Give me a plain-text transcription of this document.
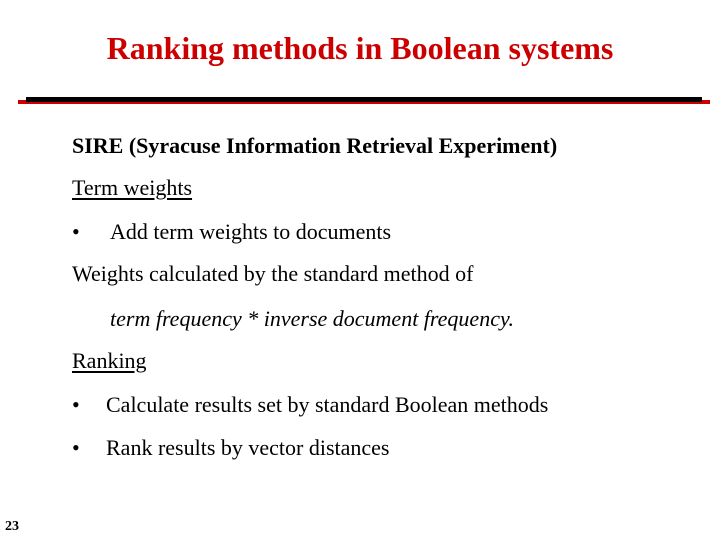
Ranking methods in Boolean systems
SIRE (Syracuse Information Retrieval Experiment)
Term weights
• Add term weights to documents
Weights calculated by the standard method of
term frequency * inverse document frequency.
Ranking
• Calculate results set by standard Boolean methods
• Rank results by vector distances
23
